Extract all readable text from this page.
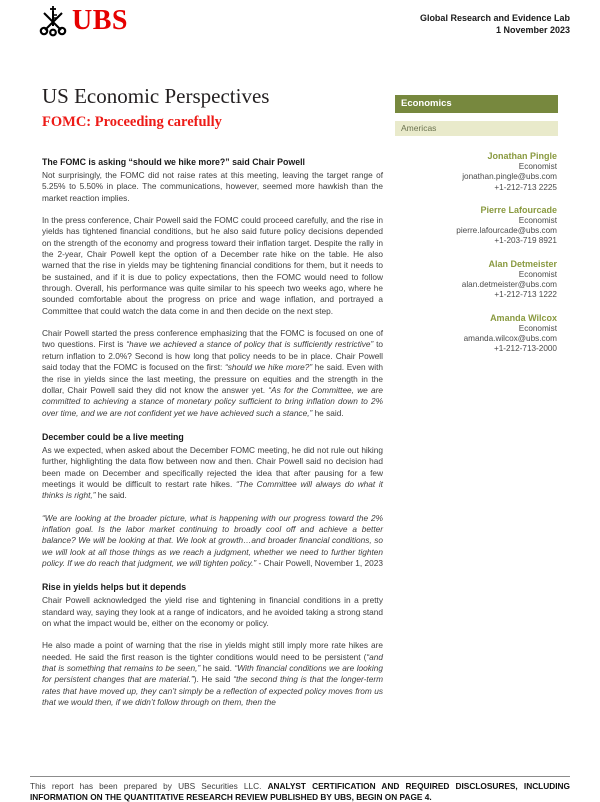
UBS	Global Research and Evidence Lab
1 November 2023
US Economic Perspectives
FOMC: Proceeding carefully
The FOMC is asking “should we hike more?” said Chair Powell

Not surprisingly, the FOMC did not raise rates at this meeting, leaving the target range of 5.25% to 5.50% in place. The communications, however, seemed more hawkish than the market reaction implies.

In the press conference, Chair Powell said the FOMC could proceed carefully, and the rise in yields has tightened financial conditions, but he also said future policy decisions depended on the strength of the economy and progress toward their inflation target. Despite the rally in the 2-year, Chair Powell kept the option of a December rate hike on the table. He also warned that the rise in yields may be tightening financial conditions for them, but it needs to be sustained, and if it is due to policy expectations, then the FOMC would need to follow through. Overall, his performance was quite similar to his speech two weeks ago, where he sounded comfortable about the progress on price and wage inflation, and portrayed a Committee that could watch the data come in and then decide on the next step.

Chair Powell started the press conference emphasizing that the FOMC is focused on one of two questions. First is “have we achieved a stance of policy that is sufficiently restrictive” to return inflation to 2.0%? Second is how long that policy needs to be in place. Chair Powell said today that the FOMC is focused on the first: “should we hike more?” he said. Even with the rise in yields since the last meeting, the pressure on equities and the strength in the dollar, Chair Powell said they did not know the answer yet. “As for the Committee, we are committed to achieving a stance of monetary policy sufficient to bring inflation down to 2% over time, and we are not confident yet we have achieved such a stance,” he said.

December could be a live meeting

As we expected, when asked about the December FOMC meeting, he did not rule out hiking further, highlighting the data flow between now and then. Chair Powell said no decision had been made on December and specifically rejected the idea that after pausing for a few meetings it would be difficult to restart rate hikes. “The Committee will always do what it thinks is right,” he said.

“We are looking at the broader picture, what is happening with our progress toward the 2% inflation goal. Is the labor market continuing to broadly cool off and achieve a better balance? We will be looking at that. We look at growth…and broader financial conditions, so we will look at all those things as we reach a judgment, whether we need to further tighten policy. If we do reach that judgment, we will tighten policy.” - Chair Powell, November 1, 2023

Rise in yields helps but it depends

Chair Powell acknowledged the yield rise and tightening in financial conditions in a pretty standard way, saying they look at a range of indicators, and he avoided taking a strong stand on what the impact would be, either on the economy or policy.

He also made a point of warning that the rise in yields might still imply more rate hikes are needed. He said the first reason is the tighter conditions would need to be persistent (“and that is something that remains to be seen,” he said. “With financial conditions we are looking for persistent changes that are material.”). He said “the second thing is that the longer-term rates that have moved up, they can’t simply be a reflection of expected policy moves from us that we would then, if we didn’t follow through on them, then the

Economics
Americas
Jonathan Pingle
Economist
jonathan.pingle@ubs.com
+1-212-713 2225
Pierre Lafourcade
Economist
pierre.lafourcade@ubs.com
+1-203-719 8921
Alan Detmeister
Economist
alan.detmeister@ubs.com
+1-212-713 1222
Amanda Wilcox
Economist
amanda.wilcox@ubs.com
+1-212-713-2000
This report has been prepared by UBS Securities LLC. ANALYST CERTIFICATION AND REQUIRED DISCLOSURES, INCLUDING INFORMATION ON THE QUANTITATIVE RESEARCH REVIEW PUBLISHED BY UBS, BEGIN ON PAGE 4.
